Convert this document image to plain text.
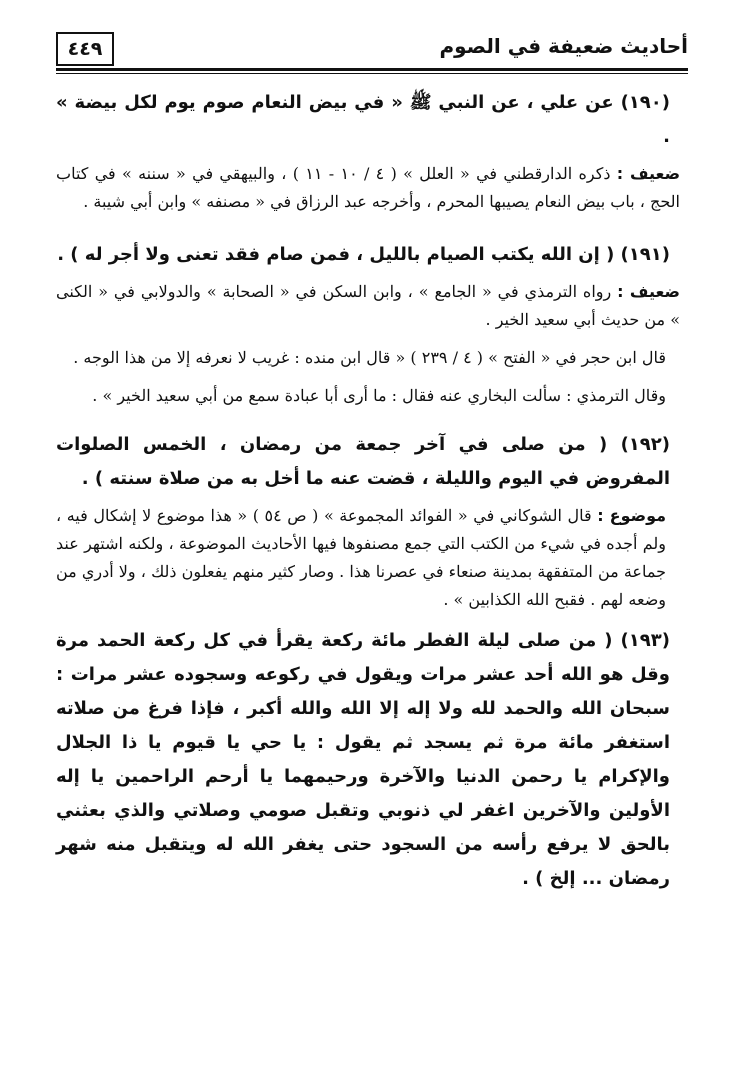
أحاديث ضعيفة في الصوم
٤٤٩

(١٩٠) عن علي ، عن النبي ﷺ « في بيض النعام صوم يوم لكل بيضة » .

ضعيف : ذكره الدارقطني في « العلل » ( ٤ / ١٠ - ١١ ) ، والبيهقي في « سننه » في كتاب الحج ، باب بيض النعام يصيبها المحرم ، وأخرجه عبد الرزاق في « مصنفه » وابن أبي شيبة .

(١٩١) ( إن الله يكتب الصيام بالليل ، فمن صام فقد تعنى ولا أجر له ) .

ضعيف : رواه الترمذي في « الجامع » ، وابن السكن في « الصحابة » والدولابي في « الكنى » من حديث أبي سعيد الخير .

قال ابن حجر في « الفتح » ( ٤ / ٢٣٩ ) « قال ابن منده : غريب لا نعرفه إلا من هذا الوجه .

وقال الترمذي : سألت البخاري عنه فقال : ما أرى أبا عبادة سمع من أبي سعيد الخير » .

(١٩٢) ( من صلى في آخر جمعة من رمضان ، الخمس الصلوات المفروض في اليوم والليلة ، قضت عنه ما أخل به من صلاة سنته ) .

موضوع : قال الشوكاني في « الفوائد المجموعة » ( ص ٥٤ ) « هذا موضوع لا إشكال فيه ، ولم أجده في شيء من الكتب التي جمع مصنفوها فيها الأحاديث الموضوعة ، ولكنه اشتهر عند جماعة من المتفقهة بمدينة صنعاء في عصرنا هذا . وصار كثير منهم يفعلون ذلك ، ولا أدري من وضعه لهم . فقبح الله الكذابين » .

(١٩٣) ( من صلى ليلة الفطر مائة ركعة يقرأ في كل ركعة الحمد مرة وقل هو الله أحد عشر مرات ويقول في ركوعه وسجوده عشر مرات : سبحان الله والحمد لله ولا إله إلا الله والله أكبر ، فإذا فرغ من صلاته استغفر مائة مرة ثم يسجد ثم يقول : يا حي يا قيوم يا ذا الجلال والإكرام يا رحمن الدنيا والآخرة ورحيمهما يا أرحم الراحمين يا إله الأولين والآخرين اغفر لي ذنوبي وتقبل صومي وصلاتي والذي بعثني بالحق لا يرفع رأسه من السجود حتى يغفر الله له ويتقبل منه شهر رمضان ... إلخ ) .
